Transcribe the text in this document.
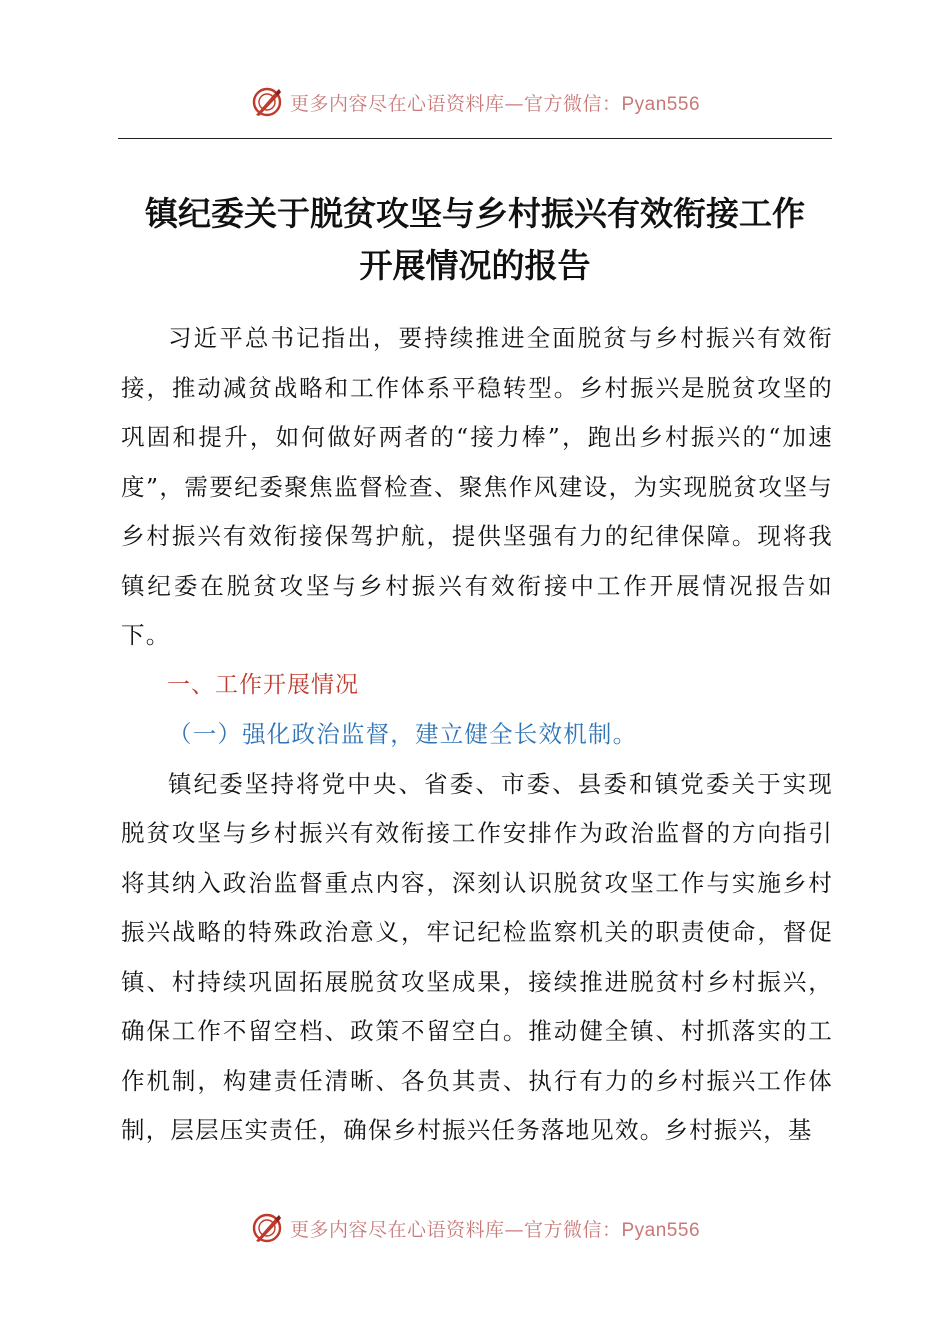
更多内容尽在心语资料库—官方微信：Pyan556
镇纪委关于脱贫攻坚与乡村振兴有效衔接工作
开展情况的报告

习近平总书记指出，要持续推进全面脱贫与乡村振兴有效衔接，推动减贫战略和工作体系平稳转型。乡村振兴是脱贫攻坚的巩固和提升，如何做好两者的“接力棒”，跑出乡村振兴的“加速度”，需要纪委聚焦监督检查、聚焦作风建设，为实现脱贫攻坚与乡村振兴有效衔接保驾护航，提供坚强有力的纪律保障。现将我镇纪委在脱贫攻坚与乡村振兴有效衔接中工作开展情况报告如下。

一、工作开展情况

（一）强化政治监督，建立健全长效机制。

镇纪委坚持将党中央、省委、市委、县委和镇党委关于实现脱贫攻坚与乡村振兴有效衔接工作安排作为政治监督的方向指引将其纳入政治监督重点内容，深刻认识脱贫攻坚工作与实施乡村振兴战略的特殊政治意义，牢记纪检监察机关的职责使命，督促镇、村持续巩固拓展脱贫攻坚成果，接续推进脱贫村乡村振兴，确保工作不留空档、政策不留空白。推动健全镇、村抓落实的工作机制，构建责任清晰、各负其责、执行有力的乡村振兴工作体制，层层压实责任，确保乡村振兴任务落地见效。乡村振兴，基

更多内容尽在心语资料库—官方微信：Pyan556
